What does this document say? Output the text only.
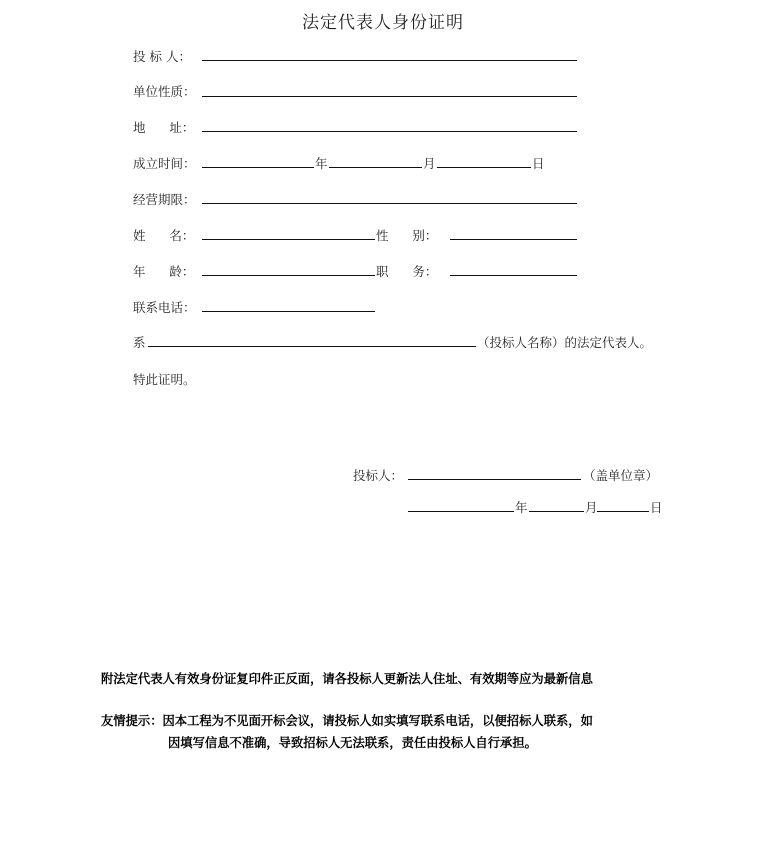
法定代表人身份证明
投 标 人：
单位性质：
地      址：
成立时间：	年	月	日
经营期限：
姓      名：	性      别：
年      龄：	职      务：
联系电话：
系	（投标人名称）的法定代表人。
特此证明。
投标人：	（盖单位章）
年	月	日
附法定代表人有效身份证复印件正反面，请各投标人更新法人住址、有效期等应为最新信息
友情提示：因本工程为不见面开标会议，请投标人如实填写联系电话，以便招标人联系，如
因填写信息不准确，导致招标人无法联系，责任由投标人自行承担。
